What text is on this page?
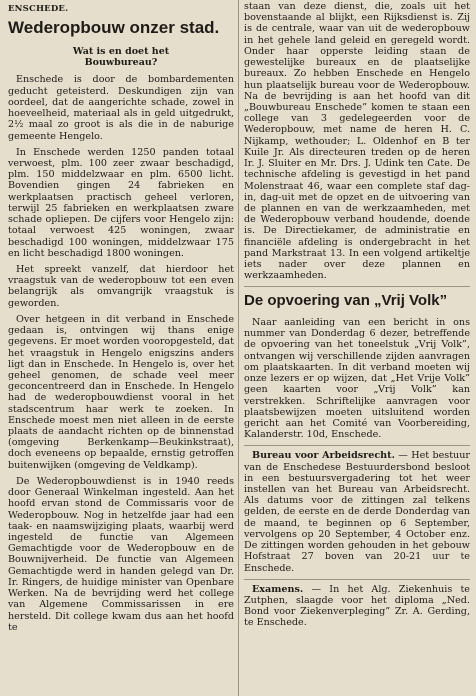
ENSCHEDE.
Wederopbouw onzer stad.
Wat is en doet het
Bouwbureau?

Enschede is door de bombardementen geducht geteisterd. Deskundigen zijn van oordeel, dat de aangerichte schade, zowel in hoeveelheid, materiaal als in geld uitgedrukt, 2½ maal zo groot is als die in de naburige gemeente Hengelo.

In Enschede werden 1250 panden totaal verwoest, plm. 100 zeer zwaar beschadigd, plm. 150 middelzwaar en plm. 6500 licht. Bovendien gingen 24 fabrieken en werkplaatsen practisch geheel verloren, terwijl 25 fabrieken en werkplaatsen zware schade opliepen. De cijfers voor Hengelo zijn: totaal verwoest 425 woningen, zwaar beschadigd 100 woningen, middelzwaar 175 en licht beschadigd 1800 woningen.

Het spreekt vanzelf, dat hierdoor het vraagstuk van de wederopbouw tot een even belangrijk als omvangrijk vraagstuk is geworden.

Over hetgeen in dit verband in Enschede gedaan is, ontvingen wij thans enige gegevens. Er moet worden vooropgesteld, dat het vraagstuk in Hengelo enigszins anders ligt dan in Enschede. In Hengelo is, over het geheel genomen, de schade veel meer geconcentreerd dan in Enschede. In Hengelo had de wederopbouwdienst vooral in het stadscentrum haar werk te zoeken. In Enschede moest men niet alleen in de eerste plaats de aandacht richten op de binnenstad (omgeving Berkenkamp—Beukinkstraat), doch eveneens op bepaalde, ernstig getroffen buitenwijken (omgeving de Veldkamp).

De Wederopbouwdienst is in 1940 reeds door Generaal Winkelman ingesteld. Aan het hoofd ervan stond de Commissaris voor de Wederopbouw. Nog in hetzelfde jaar had een taak- en naamswijziging plaats, waarbij werd ingesteld de functie van Algemeen Gemachtigde voor de Wederopbouw en de Bouwnijverheid. De functie van Algemeen Gemachtigde werd in handen gelegd van Dr. Ir. Ringers, de huidige minister van Openbare Werken. Na de bevrijding werd het college van Algemene Commissarissen in ere hersteld. Dit college kwam dus aan het hoofd te

staan van deze dienst, die, zoals uit het bovenstaande al blijkt, een Rijksdienst is. Zij is de centrale, waar van uit de wederopbouw in het gehele land geleid en geregeld wordt. Onder haar opperste leiding staan de gewestelijke bureaux en de plaatselijke bureaux. Zo hebben Enschede en Hengelo hun plaatselijk bureau voor de Wederopbouw. Na de bevrijding is aan het hoofd van dit „Bouwbureau Enschede” komen te staan een college van 3 gedelegeerden voor de Wederopbouw, met name de heren H. C. Nijkamp, wethouder; L. Oldenhof en B ter Kuile Jr. Als directeuren treden op de heren Ir. J. Sluiter en Mr. Drs. J. Udink ten Cate. De technische afdeling is gevestigd in het pand Molenstraat 46, waar een complete staf dag-in, dag-uit met de opzet en de uitvoering van de plannen en van de werkzaamheden, met de Wederopbouw verband houdende, doende is. De Directiekamer, de administratie en financiële afdeling is ondergebracht in het pand Markstraat 13. In een volgend artikeltje iets nader over deze plannen en werkzaamheden.

De opvoering van „Vrij Volk”

Naar aanleiding van een bericht in ons nummer van Donderdag 6 dezer, betreffende de opvoering van het toneelstuk „Vrij Volk”, ontvangen wij verschillende zijden aanvragen om plaatskaarten. In dit verband moeten wij onze lezers er op wijzen, dat „Het Vrije Volk” geen kaarten voor „Vrij Volk” kan verstrekken. Schriftelijke aanvragen voor plaatsbewijzen moeten uitsluitend worden gericht aan het Comité van Voorbereiding, Kalanderstr. 10d, Enschede.

Bureau voor Arbeidsrecht. — Het bestuur van de Enschedese Bestuurdersbond besloot in een bestuursvergadering tot het weer instellen van het Bureau van Arbeidsrecht. Als datums voor de zittingen zal telkens gelden, de eerste en de derde Donderdag van de maand, te beginnen op 6 September, vervolgens op 20 September, 4 October enz. De zittingen worden gehouden in het gebouw Hofstraat 27 boven van 20-21 uur te Enschede.

Examens. — In het Alg. Ziekenhuis te Zutphen, slaagde voor het diploma „Ned. Bond voor Ziekenverpleging” Zr. A. Gerding, te Enschede.
